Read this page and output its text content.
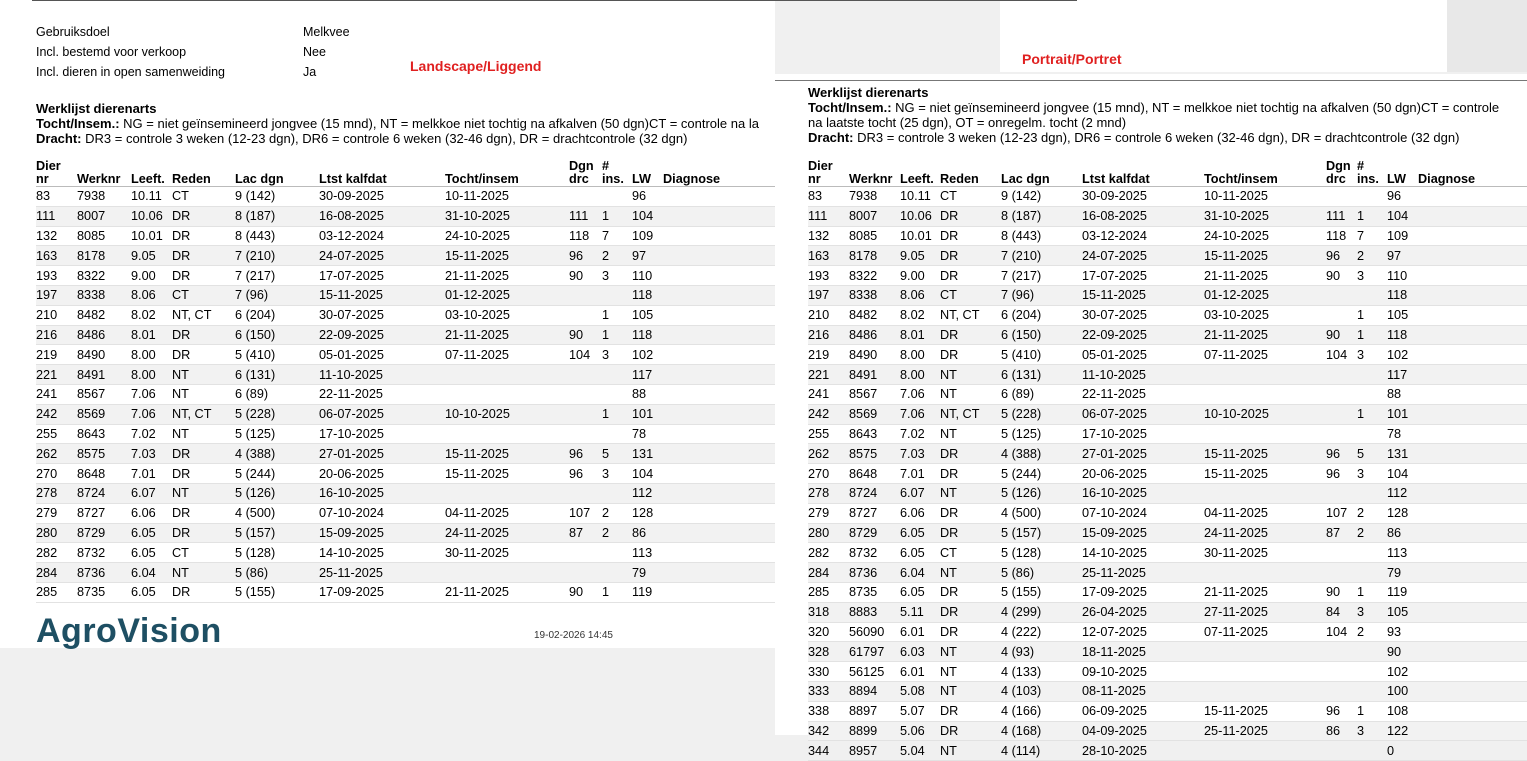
Gebruiksdoel	Melkvee
Incl. bestemd voor verkoop	Nee
Incl. dieren in open samenweiding	Ja	Landscape/Liggend
Werklijst dierenarts
Tocht/Insem.: NG = niet geïnsemineerd jongvee (15 mnd), NT = melkkoe niet tochtig na afkalven (50 dgn)CT = controle na la
Dracht: DR3 = controle 3 weken (12-23 dgn), DR6 = controle 6 weken (32-46 dgn), DR = drachtcontrole (32 dgn)
Dier
nr	Werknr	Leeft.	Reden	Lac dgn	Ltst kalfdat	Tocht/insem	Dgn
drc	#
ins.	LW	Diagnose
83	7938	10.11	CT	9 (142)	30-09-2025	10-11-2025			96	
111	8007	10.06	DR	8 (187)	16-08-2025	31-10-2025	111	1	104	
132	8085	10.01	DR	8 (443)	03-12-2024	24-10-2025	118	7	109	
163	8178	9.05	DR	7 (210)	24-07-2025	15-11-2025	96	2	97	
193	8322	9.00	DR	7 (217)	17-07-2025	21-11-2025	90	3	110	
197	8338	8.06	CT	7 (96)	15-11-2025	01-12-2025			118	
210	8482	8.02	NT, CT	6 (204)	30-07-2025	03-10-2025		1	105	
216	8486	8.01	DR	6 (150)	22-09-2025	21-11-2025	90	1	118	
219	8490	8.00	DR	5 (410)	05-01-2025	07-11-2025	104	3	102	
221	8491	8.00	NT	6 (131)	11-10-2025				117	
241	8567	7.06	NT	6 (89)	22-11-2025				88	
242	8569	7.06	NT, CT	5 (228)	06-07-2025	10-10-2025		1	101	
255	8643	7.02	NT	5 (125)	17-10-2025				78	
262	8575	7.03	DR	4 (388)	27-01-2025	15-11-2025	96	5	131	
270	8648	7.01	DR	5 (244)	20-06-2025	15-11-2025	96	3	104	
278	8724	6.07	NT	5 (126)	16-10-2025				112	
279	8727	6.06	DR	4 (500)	07-10-2024	04-11-2025	107	2	128	
280	8729	6.05	DR	5 (157)	15-09-2025	24-11-2025	87	2	86	
282	8732	6.05	CT	5 (128)	14-10-2025	30-11-2025			113	
284	8736	6.04	NT	5 (86)	25-11-2025				79	
285	8735	6.05	DR	5 (155)	17-09-2025	21-11-2025	90	1	119	
AgroVision	19-02-2026 14:45
Portrait/Portret
Werklijst dierenarts
Tocht/Insem.: NG = niet geïnsemineerd jongvee (15 mnd), NT = melkkoe niet tochtig na afkalven (50 dgn)CT = controle
na laatste tocht (25 dgn), OT = onregelm. tocht (2 mnd)
Dracht: DR3 = controle 3 weken (12-23 dgn), DR6 = controle 6 weken (32-46 dgn), DR = drachtcontrole (32 dgn)
Dier
nr	Werknr	Leeft.	Reden	Lac dgn	Ltst kalfdat	Tocht/insem	Dgn
drc	#
ins.	LW	Diagnose
83	7938	10.11	CT	9 (142)	30-09-2025	10-11-2025			96	
111	8007	10.06	DR	8 (187)	16-08-2025	31-10-2025	111	1	104	
132	8085	10.01	DR	8 (443)	03-12-2024	24-10-2025	118	7	109	
163	8178	9.05	DR	7 (210)	24-07-2025	15-11-2025	96	2	97	
193	8322	9.00	DR	7 (217)	17-07-2025	21-11-2025	90	3	110	
197	8338	8.06	CT	7 (96)	15-11-2025	01-12-2025			118	
210	8482	8.02	NT, CT	6 (204)	30-07-2025	03-10-2025		1	105	
216	8486	8.01	DR	6 (150)	22-09-2025	21-11-2025	90	1	118	
219	8490	8.00	DR	5 (410)	05-01-2025	07-11-2025	104	3	102	
221	8491	8.00	NT	6 (131)	11-10-2025				117	
241	8567	7.06	NT	6 (89)	22-11-2025				88	
242	8569	7.06	NT, CT	5 (228)	06-07-2025	10-10-2025		1	101	
255	8643	7.02	NT	5 (125)	17-10-2025				78	
262	8575	7.03	DR	4 (388)	27-01-2025	15-11-2025	96	5	131	
270	8648	7.01	DR	5 (244)	20-06-2025	15-11-2025	96	3	104	
278	8724	6.07	NT	5 (126)	16-10-2025				112	
279	8727	6.06	DR	4 (500)	07-10-2024	04-11-2025	107	2	128	
280	8729	6.05	DR	5 (157)	15-09-2025	24-11-2025	87	2	86	
282	8732	6.05	CT	5 (128)	14-10-2025	30-11-2025			113	
284	8736	6.04	NT	5 (86)	25-11-2025				79	
285	8735	6.05	DR	5 (155)	17-09-2025	21-11-2025	90	1	119	
318	8883	5.11	DR	4 (299)	26-04-2025	27-11-2025	84	3	105	
320	56090	6.01	DR	4 (222)	12-07-2025	07-11-2025	104	2	93	
328	61797	6.03	NT	4 (93)	18-11-2025				90	
330	56125	6.01	NT	4 (133)	09-10-2025				102	
333	8894	5.08	NT	4 (103)	08-11-2025				100	
338	8897	5.07	DR	4 (166)	06-09-2025	15-11-2025	96	1	108	
342	8899	5.06	DR	4 (168)	04-09-2025	25-11-2025	86	3	122	
344	8957	5.04	NT	4 (114)	28-10-2025				0	
